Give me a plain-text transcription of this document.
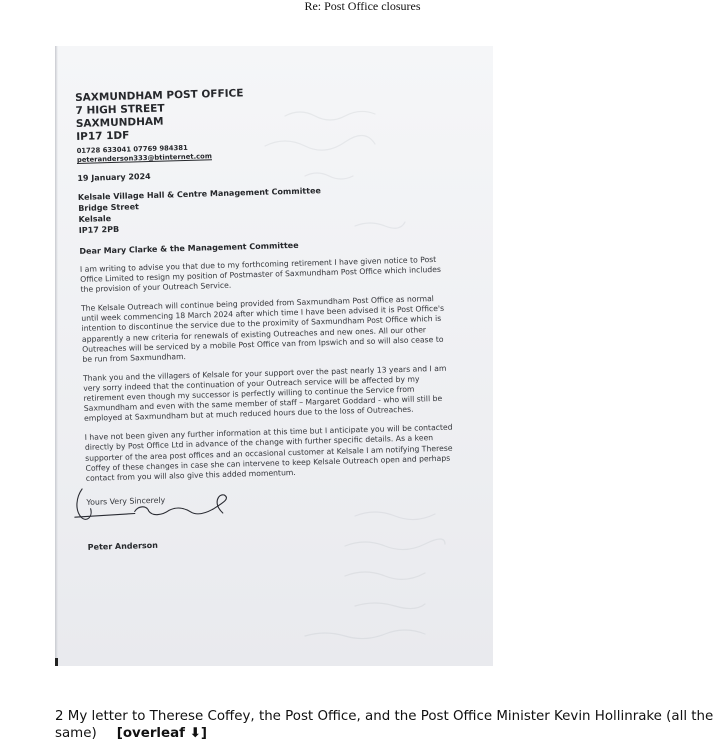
Re: Post Office closures
SAXMUNDHAM POST OFFICE
7 HIGH STREET
SAXMUNDHAM
IP17 1DF
01728 633041 07769 984381
peteranderson333@btinternet.com
19 January 2024
Kelsale Village Hall & Centre Management Committee
Bridge Street
Kelsale
IP17 2PB
Dear Mary Clarke & the Management Committee
I am writing to advise you that due to my forthcoming retirement I have given notice to Post Office Limited to resign my position of Postmaster of Saxmundham Post Office which includes the provision of your Outreach Service.
The Kelsale Outreach will continue being provided from Saxmundham Post Office as normal until week commencing 18 March 2024 after which time I have been advised it is Post Office's intention to discontinue the service due to the proximity of Saxmundham Post Office which is apparently a new criteria for renewals of existing Outreaches and new ones. All our other Outreaches will be serviced by a mobile Post Office van from Ipswich and so will also cease to be run from Saxmundham.
Thank you and the villagers of Kelsale for your support over the past nearly 13 years and I am very sorry indeed that the continuation of your Outreach service will be affected by my retirement even though my successor is perfectly willing to continue the Service from Saxmundham and even with the same member of staff – Margaret Goddard - who will still be employed at Saxmundham but at much reduced hours due to the loss of Outreaches.
I have not been given any further information at this time but I anticipate you will be contacted directly by Post Office Ltd in advance of the change with further specific details. As a keen supporter of the area post offices and an occasional customer at Kelsale I am notifying Therese Coffey of these changes in case she can intervene to keep Kelsale Outreach open and perhaps contact from you will also give this added momentum.
Yours Very Sincerely
Peter Anderson
2 My letter to Therese Coffey, the Post Office, and the Post Office Minister Kevin Hollinrake (all the same) [overleaf ⬇]
